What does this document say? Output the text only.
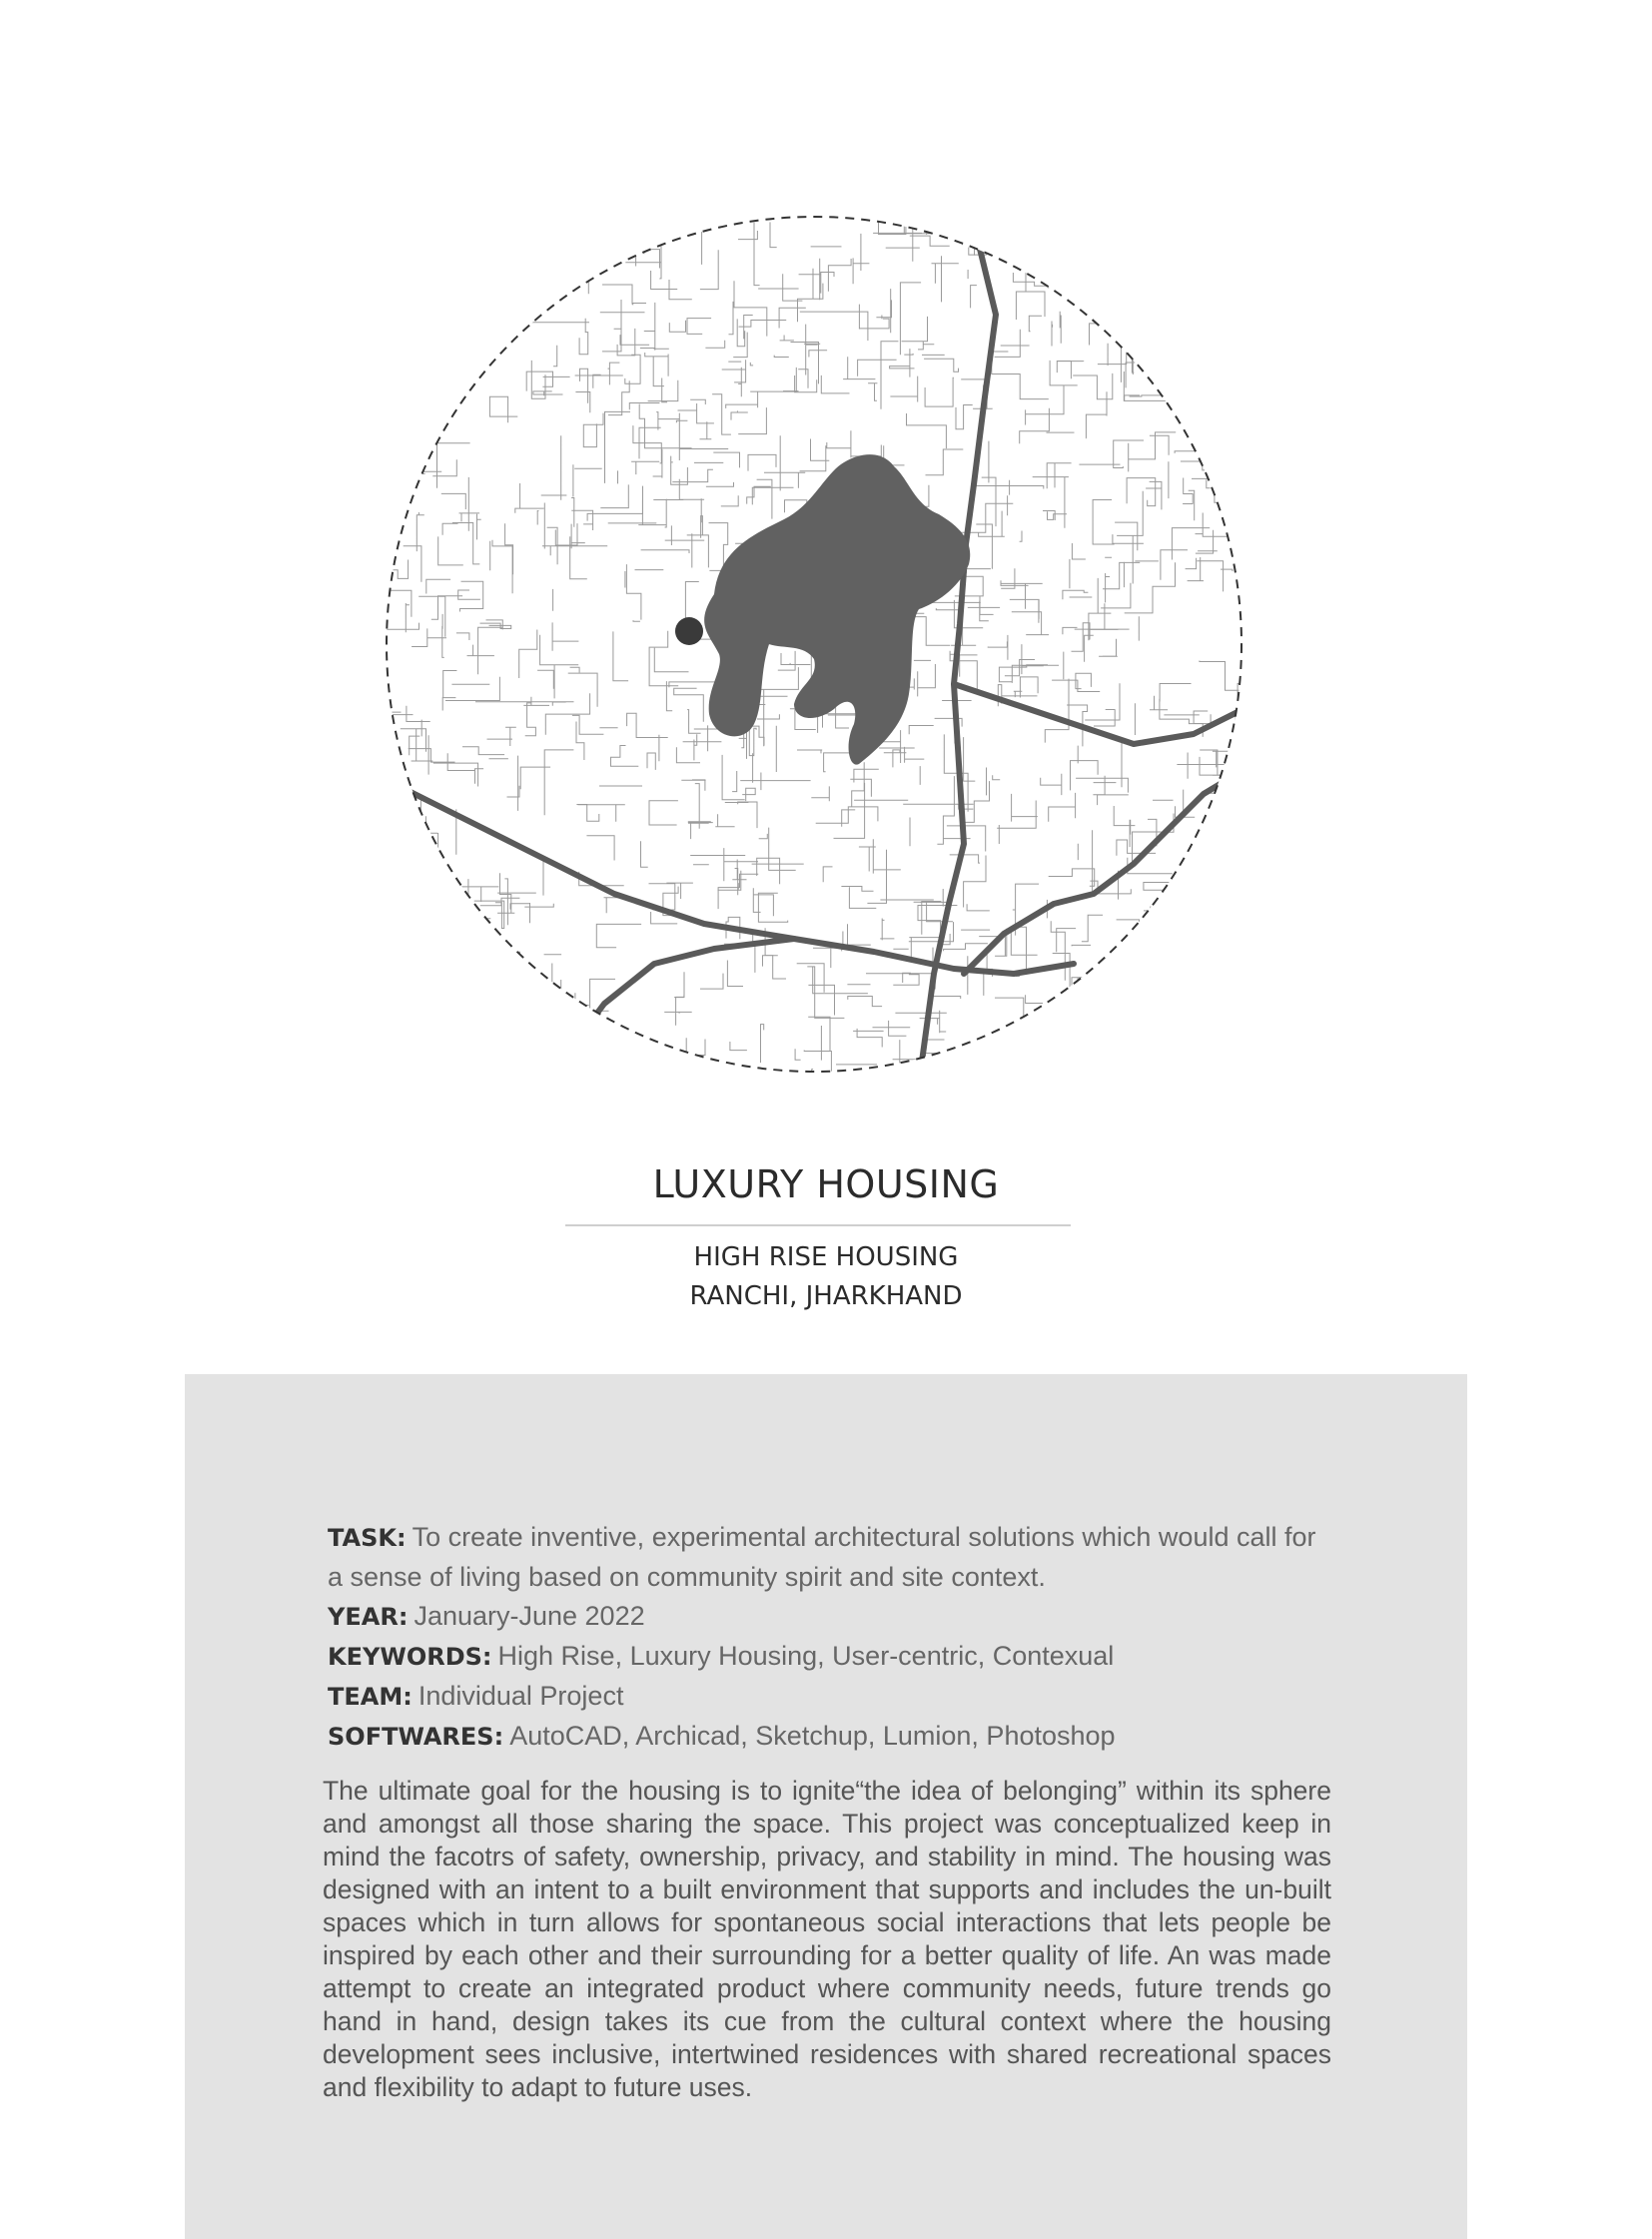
LUXURY HOUSING
HIGH RISE HOUSING
RANCHI, JHARKHAND
TASK: To create inventive, experimental architectural solutions which would call for
a sense of living based on community spirit and site context.
YEAR: January-June 2022
KEYWORDS: High Rise, Luxury Housing, User-centric, Contexual
TEAM: Individual Project
SOFTWARES: AutoCAD, Archicad, Sketchup, Lumion, Photoshop
The ultimate goal for the housing is to ignite“the idea of belonging” within its sphere and amongst all those sharing the space. This project was conceptualized keep in mind the facotrs of safety, ownership, privacy, and stability in mind. The housing was designed with an intent to a built environment that supports and includes the un-built spaces which in turn allows for spontaneous social interactions that lets people be inspired by each other and their surrounding for a better quality of life. An was made attempt to create an integrated product where community needs, future trends go hand in hand, design takes its cue from the cultural context where the housing development sees inclusive, intertwined residences with shared recreational spaces and flexibility to adapt to future uses.
